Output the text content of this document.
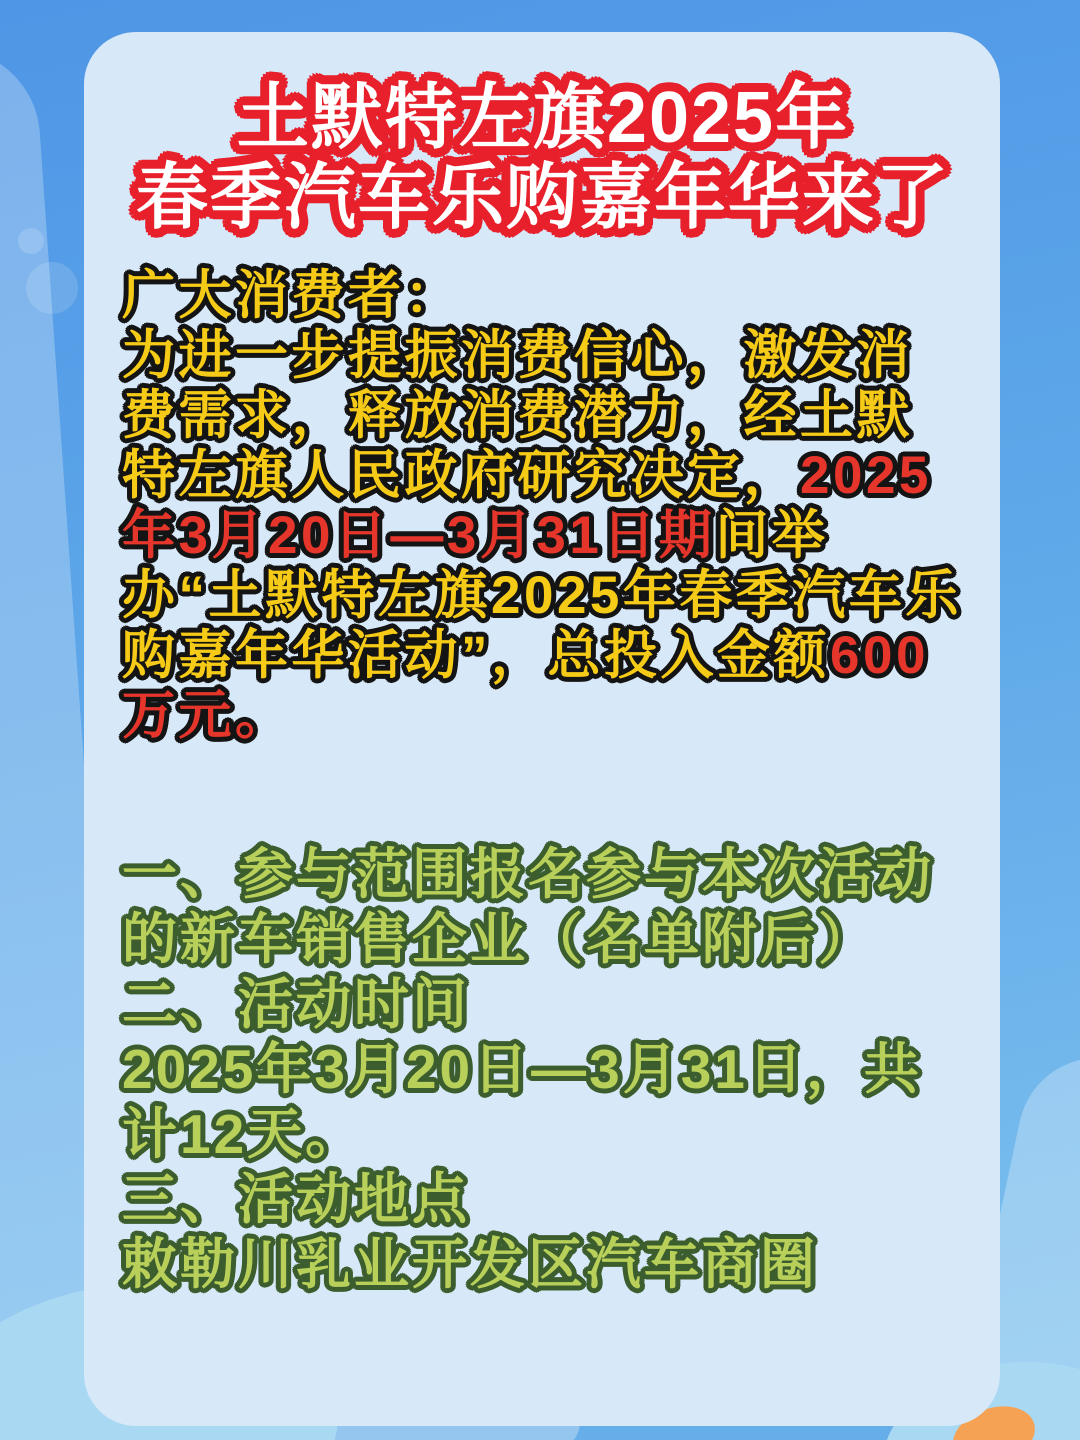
土默特左旗2025年
春季汽车乐购嘉年华来了

广大消费者：

为进一步提振消费信心，激发消费需求，释放消费潜力，经土默特左旗人民政府研究决定，2025年3月20日—3月31日期间举办“土默特左旗2025年春季汽车乐购嘉年华活动”，总投入金额600万元。

一、参与范围报名参与本次活动的新车销售企业（名单附后）

二、活动时间

2025年3月20日—3月31日，共计12天。

三、活动地点

敕勒川乳业开发区汽车商圈
